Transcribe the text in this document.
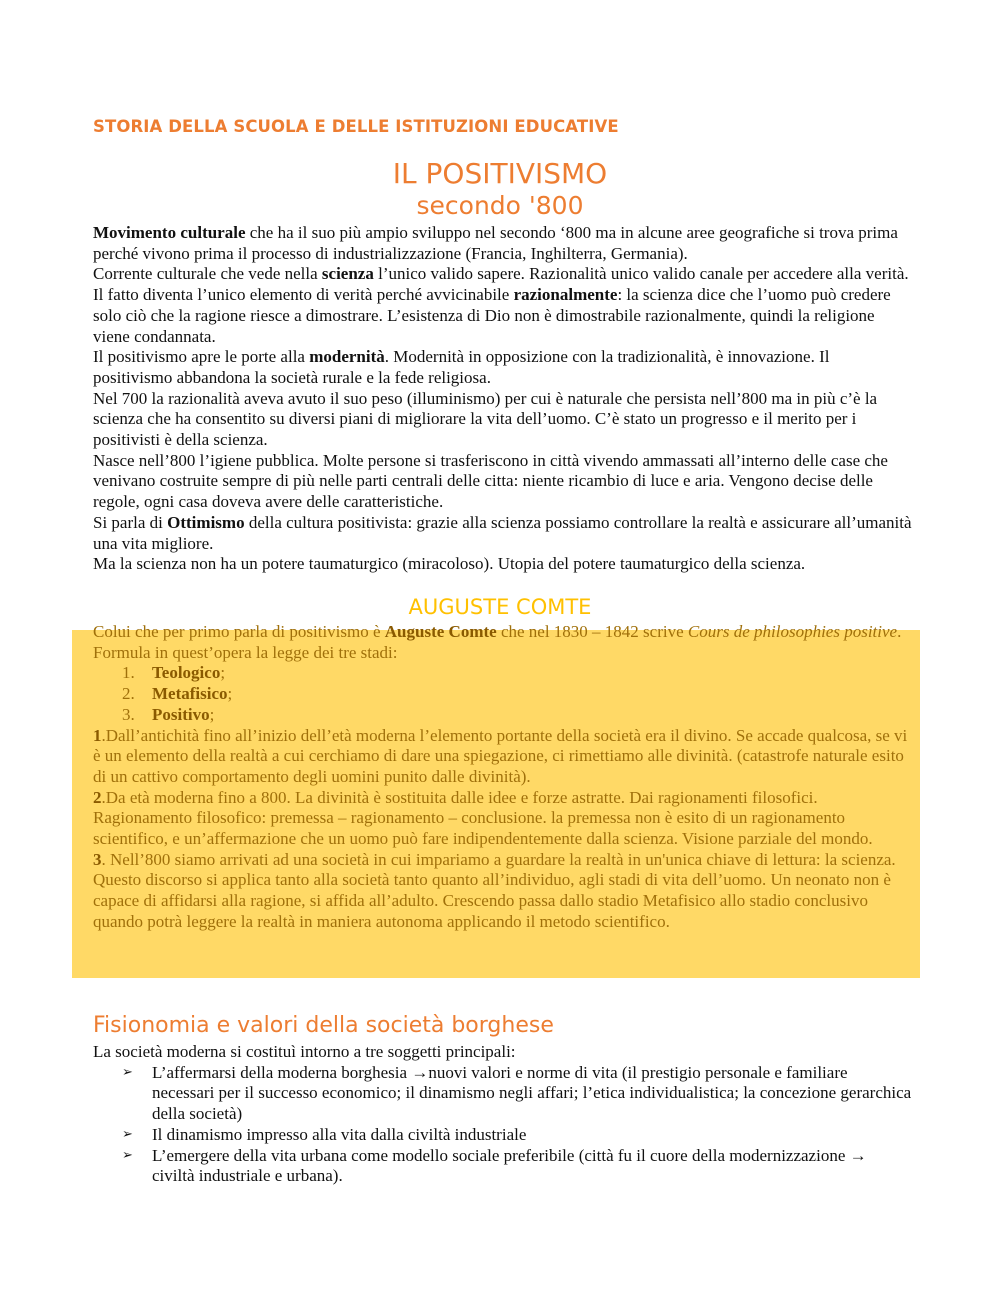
STORIA DELLA SCUOLA E DELLE ISTITUZIONI EDUCATIVE
IL POSITIVISMO
secondo '800

Movimento culturale che ha il suo più ampio sviluppo nel secondo ‘800 ma in alcune aree geografiche si trova prima perché vivono prima il processo di industrializzazione (Francia, Inghilterra, Germania).

Corrente culturale che vede nella scienza l’unico valido sapere. Razionalità unico valido canale per accedere alla verità. Il fatto diventa l’unico elemento di verità perché avvicinabile razionalmente: la scienza dice che l’uomo può credere solo ciò che la ragione riesce a dimostrare. L’esistenza di Dio non è dimostrabile razionalmente, quindi la religione viene condannata.

Il positivismo apre le porte alla modernità. Modernità in opposizione con la tradizionalità, è innovazione. Il positivismo abbandona la società rurale e la fede religiosa.

Nel 700 la razionalità aveva avuto il suo peso (illuminismo) per cui è naturale che persista nell’800 ma in più c’è la scienza che ha consentito su diversi piani di migliorare la vita dell’uomo. C’è stato un progresso e il merito per i positivisti è della scienza.

Nasce nell’800 l’igiene pubblica. Molte persone si trasferiscono in città vivendo ammassati all’interno delle case che venivano costruite sempre di più nelle parti centrali delle citta: niente ricambio di luce e aria. Vengono decise delle regole, ogni casa doveva avere delle caratteristiche.

Si parla di Ottimismo della cultura positivista: grazie alla scienza possiamo controllare la realtà e assicurare all’umanità una vita migliore.

Ma la scienza non ha un potere taumaturgico (miracoloso). Utopia del potere taumaturgico della scienza.

AUGUSTE COMTE

Colui che per primo parla di positivismo è Auguste Comte che nel 1830 – 1842 scrive Cours de philosophies positive. Formula in quest’opera la legge dei tre stadi:

1. Teologico;
2. Metafisico;
3. Positivo;

1.Dall’antichità fino all’inizio dell’età moderna l’elemento portante della società era il divino. Se accade qualcosa, se vi è un elemento della realtà a cui cerchiamo di dare una spiegazione, ci rimettiamo alle divinità. (catastrofe naturale esito di un cattivo comportamento degli uomini punito dalle divinità).

2.Da età moderna fino a 800. La divinità è sostituita dalle idee e forze astratte. Dai ragionamenti filosofici. Ragionamento filosofico: premessa – ragionamento – conclusione. la premessa non è esito di un ragionamento scientifico, e un’affermazione che un uomo può fare indipendentemente dalla scienza. Visione parziale del mondo.

3. Nell’800 siamo arrivati ad una società in cui impariamo a guardare la realtà in un'unica chiave di lettura: la scienza. Questo discorso si applica tanto alla società tanto quanto all’individuo, agli stadi di vita dell’uomo. Un neonato non è capace di affidarsi alla ragione, si affida all’adulto. Crescendo passa dallo stadio Metafisico allo stadio conclusivo quando potrà leggere la realtà in maniera autonoma applicando il metodo scientifico.

Fisionomia e valori della società borghese

La società moderna si costituì intorno a tre soggetti principali:

➢ L’affermarsi della moderna borghesia →nuovi valori e norme di vita (il prestigio personale e familiare necessari per il successo economico; il dinamismo negli affari; l’etica individualistica; la concezione gerarchica della società)
➢ Il dinamismo impresso alla vita dalla civiltà industriale
➢ L’emergere della vita urbana come modello sociale preferibile (città fu il cuore della modernizzazione → civiltà industriale e urbana).
